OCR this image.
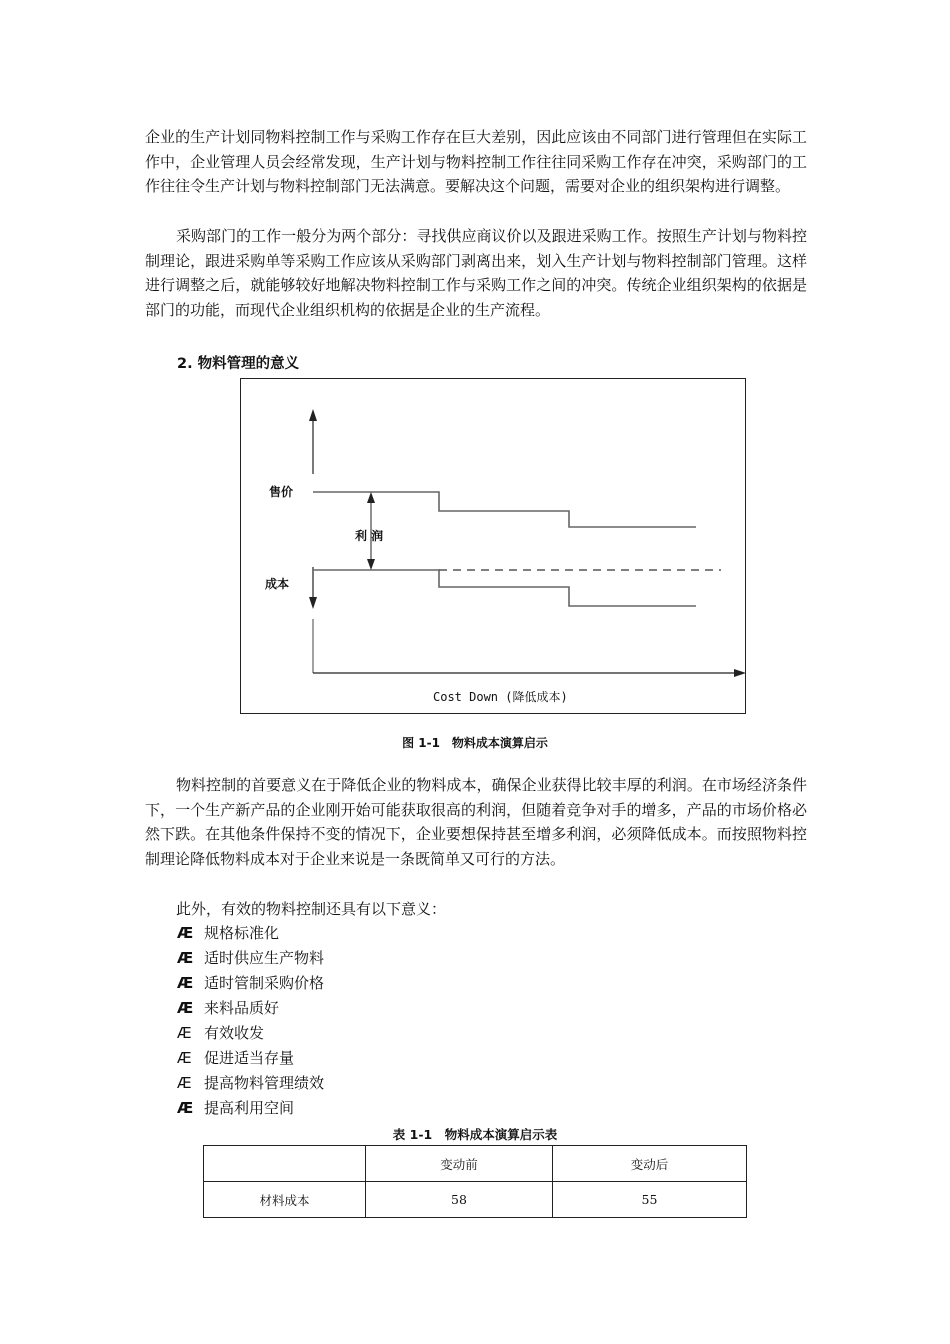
企业的生产计划同物料控制工作与采购工作存在巨大差别，因此应该由不同部门进行管理但在实际工作中，企业管理人员会经常发现，生产计划与物料控制工作往往同采购工作存在冲突，采购部门的工作往往令生产计划与物料控制部门无法满意。要解决这个问题，需要对企业的组织架构进行调整。

采购部门的工作一般分为两个部分：寻找供应商议价以及跟进采购工作。按照生产计划与物料控制理论，跟进采购单等采购工作应该从采购部门剥离出来，划入生产计划与物料控制部门管理。这样进行调整之后，就能够较好地解决物料控制工作与采购工作之间的冲突。传统企业组织架构的依据是部门的功能，而现代企业组织机构的依据是企业的生产流程。

2. 物料管理的意义

售价
利 润
成本
Cost Down (降低成本)
图 1-1　物料成本演算启示

物料控制的首要意义在于降低企业的物料成本，确保企业获得比较丰厚的利润。在市场经济条件下，一个生产新产品的企业刚开始可能获取很高的利润，但随着竞争对手的增多，产品的市场价格必然下跌。在其他条件保持不变的情况下，企业要想保持甚至增多利润，必须降低成本。而按照物料控制理论降低物料成本对于企业来说是一条既简单又可行的方法。

此外，有效的物料控制还具有以下意义：

Æ 规格标准化
Æ 适时供应生产物料
Æ 适时管制采购价格
Æ 来料品质好
Æ 有效收发
Æ 促进适当存量
Æ 提高物料管理绩效
Æ 提高利用空间
表 1-1　物料成本演算启示表
	变动前	变动后
材料成本	58	55
